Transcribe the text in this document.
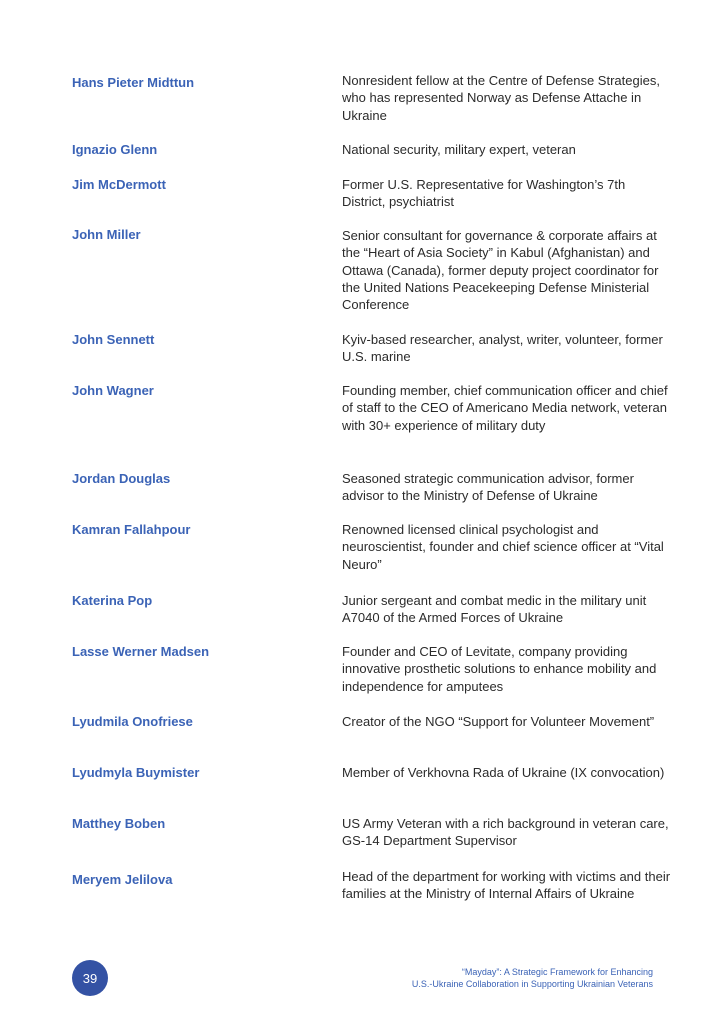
Hans Pieter Midttun	Nonresident fellow at the Centre of Defense Strategies, who has represented Norway as Defense Attache in Ukraine
Ignazio Glenn	National security, military expert, veteran
Jim McDermott	Former U.S. Representative for Washington’s 7th District, psychiatrist
John Miller	Senior consultant for governance & corporate affairs at the “Heart of Asia Society” in Kabul (Afghanistan) and Ottawa (Canada), former deputy project coordinator for the United Nations Peacekeeping Defense Ministerial Conference
John Sennett	Kyiv-based researcher, analyst, writer, volunteer, former U.S. marine
John Wagner	Founding member, chief communication officer and chief of staff to the CEO of Americano Media network, veteran with 30+ experience of military duty
Jordan Douglas	Seasoned strategic communication advisor, former advisor to the Ministry of Defense of Ukraine
Kamran Fallahpour	Renowned licensed clinical psychologist and neuroscientist, founder and chief science officer at “Vital Neuro”
Katerina Pop	Junior sergeant and combat medic in the military unit A7040 of the Armed Forces of Ukraine
Lasse Werner Madsen	Founder and CEO of Levitate, company providing innovative prosthetic solutions to enhance mobility and independence for amputees
Lyudmila Onofriese	Creator of the NGO “Support for Volunteer Movement”
Lyudmyla Buymister	Member of Verkhovna Rada of Ukraine (IX convocation)
Matthey Boben	US Army Veteran with a rich background in veteran care, GS-14 Department Supervisor
Meryem Jelilova	Head of the department for working with victims and their families at the Ministry of Internal Affairs of Ukraine
39	“Mayday”: A Strategic Framework for Enhancing
U.S.-Ukraine Collaboration in Supporting Ukrainian Veterans
